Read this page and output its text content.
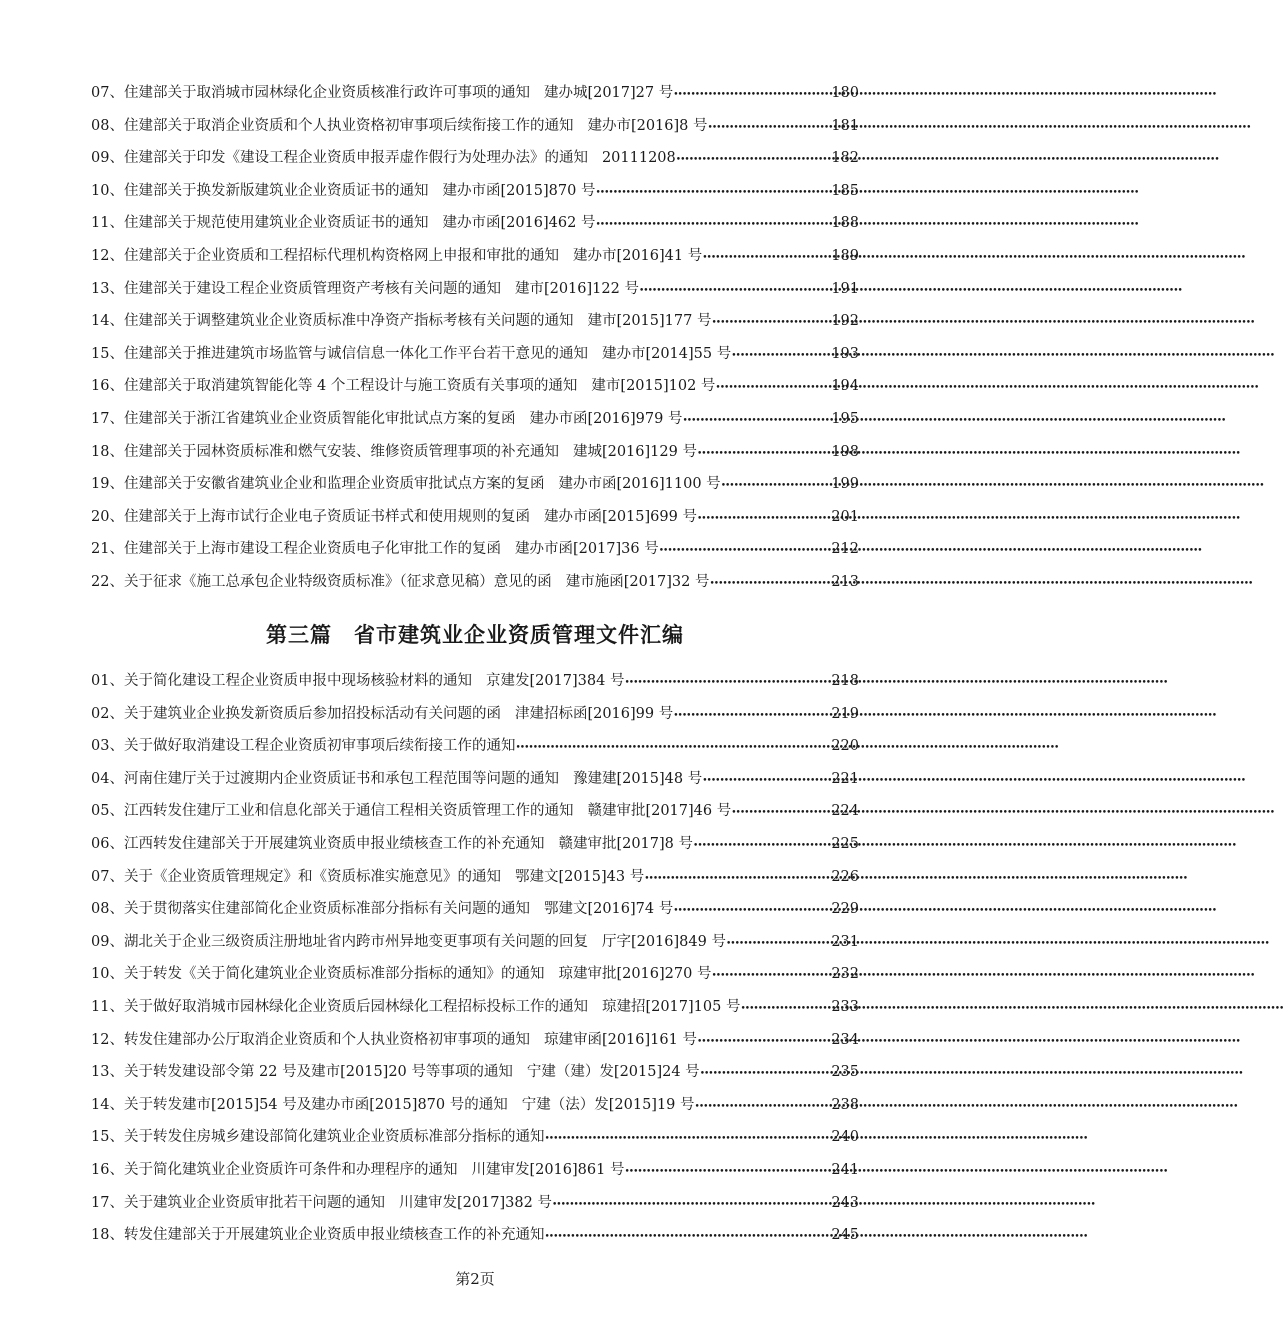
07、 住建部关于取消城市园林绿化企业资质核准行政许可事项的通知 建办城[2017]27 号 •••••	180
08、 住建部关于取消企业资质和个人执业资格初审事项后续衔接工作的通知 建办市[2016]8 号 •••••	181
09、 住建部关于印发《建设工程企业资质申报弄虚作假行为处理办法》的通知 20111208 •••••	182
10、 住建部关于换发新版建筑业企业资质证书的通知 建办市函[2015]870 号 •••••	185
11、 住建部关于规范使用建筑业企业资质证书的通知 建办市函[2016]462 号 •••••	188
12、 住建部关于企业资质和工程招标代理机构资格网上申报和审批的通知 建办市[2016]41 号 •••••	189
13、 住建部关于建设工程企业资质管理资产考核有关问题的通知 建市[2016]122 号 •••••	191
14、 住建部关于调整建筑业企业资质标准中净资产指标考核有关问题的通知 建市[2015]177 号 •••••	192
15、 住建部关于推进建筑市场监管与诚信信息一体化工作平台若干意见的通知 建办市[2014]55 号 •••••	193
16、 住建部关于取消建筑智能化等 4 个工程设计与施工资质有关事项的通知 建市[2015]102 号 •••••	194
17、 住建部关于浙江省建筑业企业资质智能化审批试点方案的复函 建办市函[2016]979 号 •••••	195
18、 住建部关于园林资质标准和燃气安装、维修资质管理事项的补充通知 建城[2016]129 号 •••••	198
19、 住建部关于安徽省建筑业企业和监理企业资质审批试点方案的复函 建办市函[2016]1100 号 •••••	199
20、 住建部关于上海市试行企业电子资质证书样式和使用规则的复函 建办市函[2015]699 号 •••••	201
21、 住建部关于上海市建设工程企业资质电子化审批工作的复函 建办市函[2017]36 号 •••••	212
22、 关于征求《施工总承包企业特级资质标准》（征求意见稿）意见的函 建市施函[2017]32 号 •••••	213
第三篇　省市建筑业企业资质管理文件汇编
01、 关于简化建设工程企业资质申报中现场核验材料的通知 京建发[2017]384 号 •••••	218
02、 关于建筑业企业换发新资质后参加招投标活动有关问题的函 津建招标函[2016]99 号 •••••	219
03、 关于做好取消建设工程企业资质初审事项后续衔接工作的通知 •••••	220
04、 河南住建厅关于过渡期内企业资质证书和承包工程范围等问题的通知 豫建建[2015]48 号 •••••	221
05、 江西转发住建厅工业和信息化部关于通信工程相关资质管理工作的通知 赣建审批[2017]46 号 •••••	224
06、 江西转发住建部关于开展建筑业资质申报业绩核查工作的补充通知 赣建审批[2017]8 号 •••••	225
07、 关于《企业资质管理规定》和《资质标准实施意见》的通知 鄂建文[2015]43 号 •••••	226
08、 关于贯彻落实住建部简化企业资质标准部分指标有关问题的通知 鄂建文[2016]74 号 •••••	229
09、 湖北关于企业三级资质注册地址省内跨市州异地变更事项有关问题的回复 厅字[2016]849 号 •••••	231
10、 关于转发《关于简化建筑业企业资质标准部分指标的通知》的通知 琼建审批[2016]270 号 •••••	232
11、 关于做好取消城市园林绿化企业资质后园林绿化工程招标投标工作的通知 琼建招[2017]105 号 •••••	233
12、 转发住建部办公厅取消企业资质和个人执业资格初审事项的通知 琼建审函[2016]161 号 •••••	234
13、 关于转发建设部令第 22 号及建市[2015]20 号等事项的通知 宁建（建）发[2015]24 号 •••••	235
14、 关于转发建市[2015]54 号及建办市函[2015]870 号的通知 宁建（法）发[2015]19 号 •••••	238
15、 关于转发住房城乡建设部简化建筑业企业资质标准部分指标的通知 •••••	240
16、 关于简化建筑业企业资质许可条件和办理程序的通知 川建审发[2016]861 号 •••••	241
17、 关于建筑业企业资质审批若干问题的通知 川建审发[2017]382 号 •••••	243
18、 转发住建部关于开展建筑业企业资质申报业绩核查工作的补充通知 •••••	245
第2页
